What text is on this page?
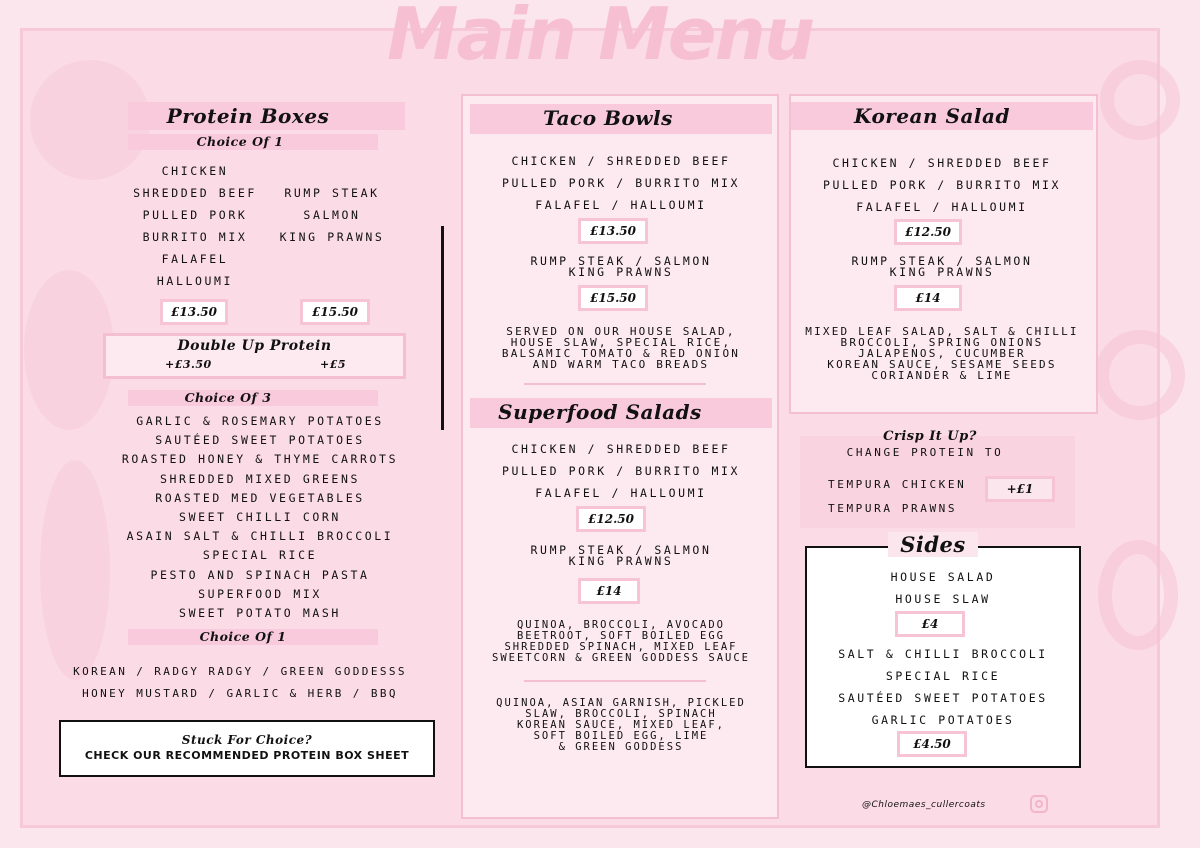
Main Menu
Protein Boxes
Choice Of 1
CHICKEN
SHREDDED BEEF
PULLED PORK
BURRITO MIX
FALAFEL
HALLOUMI
RUMP STEAK
SALMON
KING PRAWNS
£13.50	£15.50
Double Up Protein
+£3.50	+£5
Choice Of 3
GARLIC & ROSEMARY POTATOES
SAUTÉED SWEET POTATOES
ROASTED HONEY & THYME CARROTS
SHREDDED MIXED GREENS
ROASTED MED VEGETABLES
SWEET CHILLI CORN
ASAIN SALT & CHILLI BROCCOLI
SPECIAL RICE
PESTO AND SPINACH PASTA
SUPERFOOD MIX
SWEET POTATO MASH
Choice Of 1
KOREAN / RADGY RADGY / GREEN GODDESSS
HONEY MUSTARD / GARLIC & HERB / BBQ
Stuck For Choice?
CHECK OUR RECOMMENDED PROTEIN BOX SHEET
Taco Bowls
CHICKEN / SHREDDED BEEF
PULLED PORK / BURRITO MIX
FALAFEL / HALLOUMI
£13.50
RUMP STEAK / SALMON
KING PRAWNS
£15.50
SERVED ON OUR HOUSE SALAD,
HOUSE SLAW, SPECIAL RICE,
BALSAMIC TOMATO & RED ONION
AND WARM TACO BREADS
Superfood Salads
CHICKEN / SHREDDED BEEF
PULLED PORK / BURRITO MIX
FALAFEL / HALLOUMI
£12.50
RUMP STEAK / SALMON
KING PRAWNS
£14
QUINOA, BROCCOLI, AVOCADO
BEETROOT, SOFT BOILED EGG
SHREDDED SPINACH, MIXED LEAF
SWEETCORN & GREEN GODDESS SAUCE
QUINOA, ASIAN GARNISH, PICKLED
SLAW, BROCCOLI, SPINACH
KOREAN SAUCE, MIXED LEAF,
SOFT BOILED EGG, LIME
& GREEN GODDESS
Korean Salad
CHICKEN / SHREDDED BEEF
PULLED PORK / BURRITO MIX
FALAFEL / HALLOUMI
£12.50
RUMP STEAK / SALMON
KING PRAWNS
£14
MIXED LEAF SALAD, SALT & CHILLI
BROCCOLI, SPRING ONIONS
JALAPENOS, CUCUMBER
KOREAN SAUCE, SESAME SEEDS
CORIANDER & LIME
Crisp It Up?
CHANGE PROTEIN TO
TEMPURA CHICKEN
TEMPURA PRAWNS
+£1
Sides
HOUSE SALAD
HOUSE SLAW
£4
SALT & CHILLI BROCCOLI
SPECIAL RICE
SAUTÉED SWEET POTATOES
GARLIC POTATOES
£4.50
@Chloemaes_cullercoats
